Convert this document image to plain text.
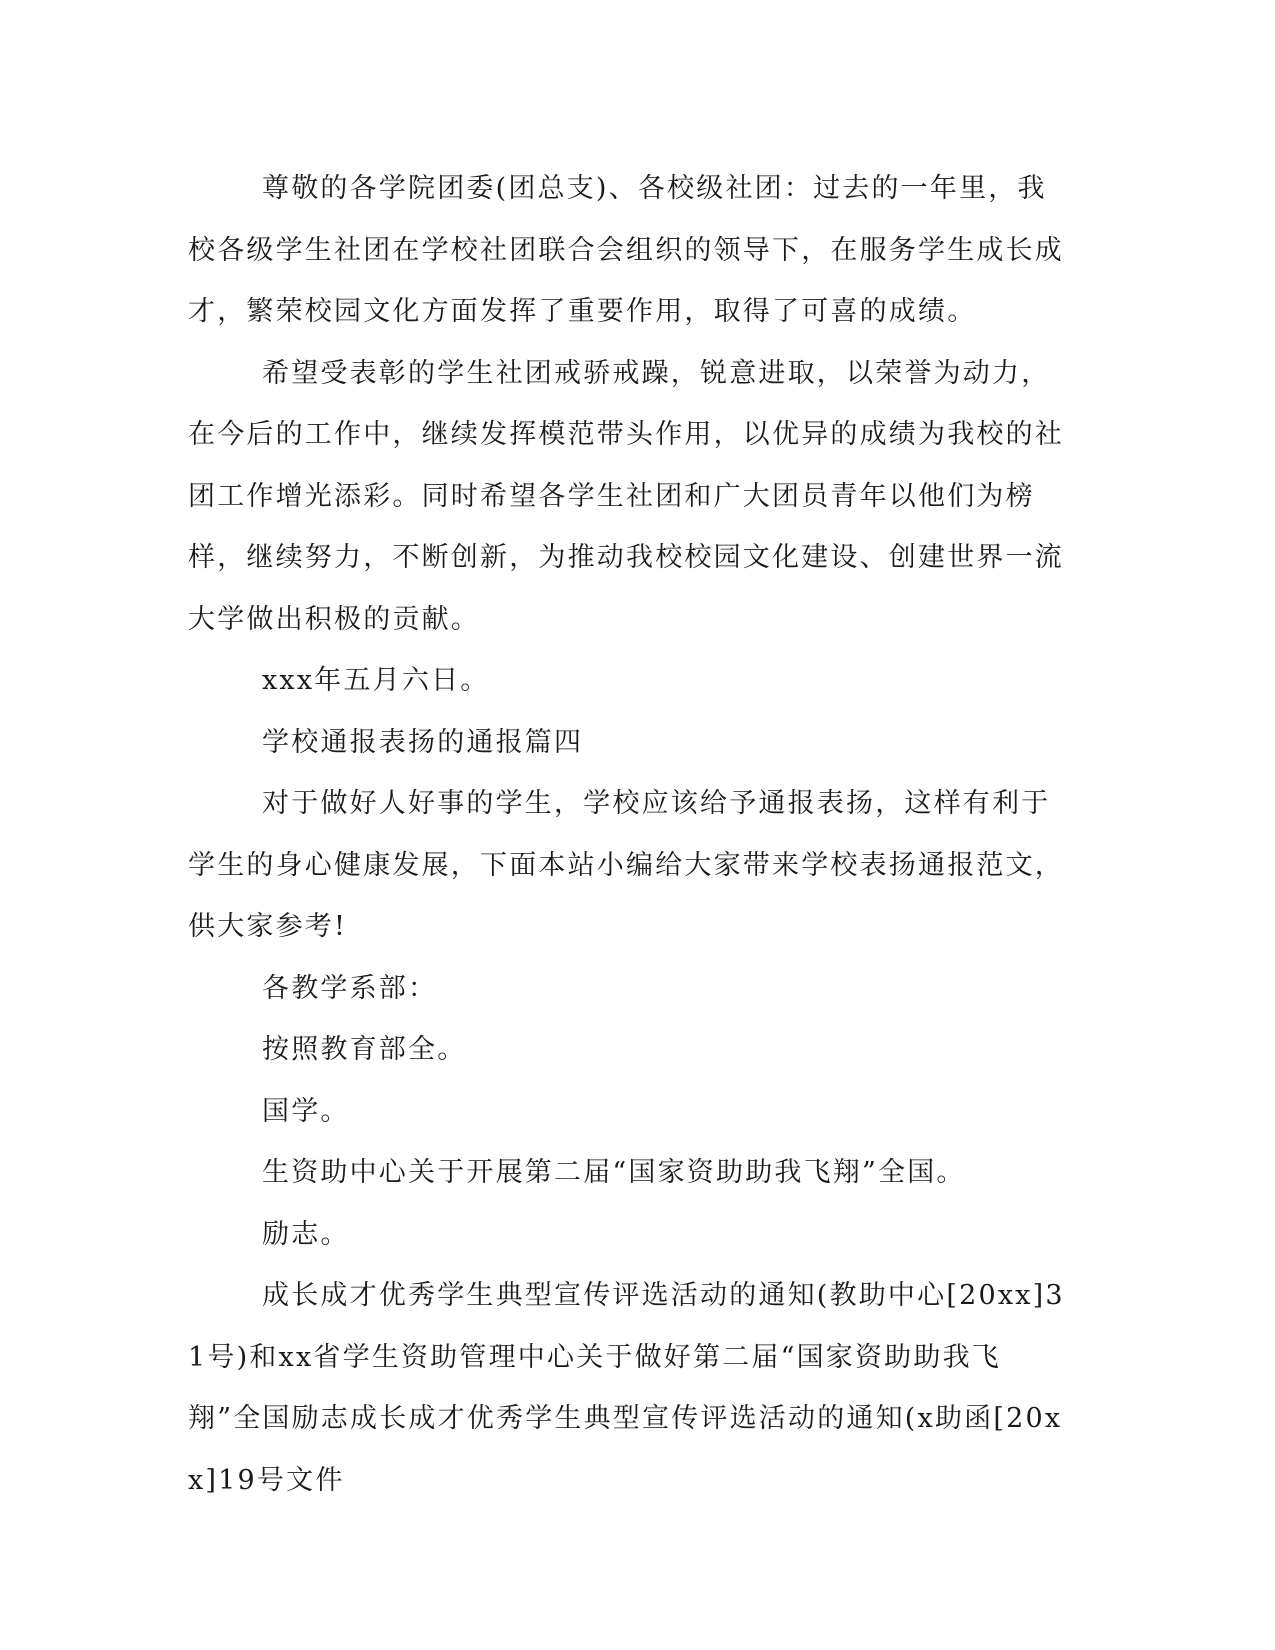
尊敬的各学院团委(团总支)、各校级社团：过去的一年里，我校各级学生社团在学校社团联合会组织的领导下，在服务学生成长成才，繁荣校园文化方面发挥了重要作用，取得了可喜的成绩。

希望受表彰的学生社团戒骄戒躁，锐意进取，以荣誉为动力，在今后的工作中，继续发挥模范带头作用，以优异的成绩为我校的社团工作增光添彩。同时希望各学生社团和广大团员青年以他们为榜样，继续努力，不断创新，为推动我校校园文化建设、创建世界一流大学做出积极的贡献。

xxx年五月六日。

学校通报表扬的通报篇四

对于做好人好事的学生，学校应该给予通报表扬，这样有利于学生的身心健康发展，下面本站小编给大家带来学校表扬通报范文，供大家参考!

各教学系部：

按照教育部全。

国学。

生资助中心关于开展第二届“国家资助助我飞翔”全国。

励志。

成长成才优秀学生典型宣传评选活动的通知(教助中心[20xx]31号)和xx省学生资助管理中心关于做好第二届“国家资助助我飞翔”全国励志成长成才优秀学生典型宣传评选活动的通知(x助函[20xx]19号文件
